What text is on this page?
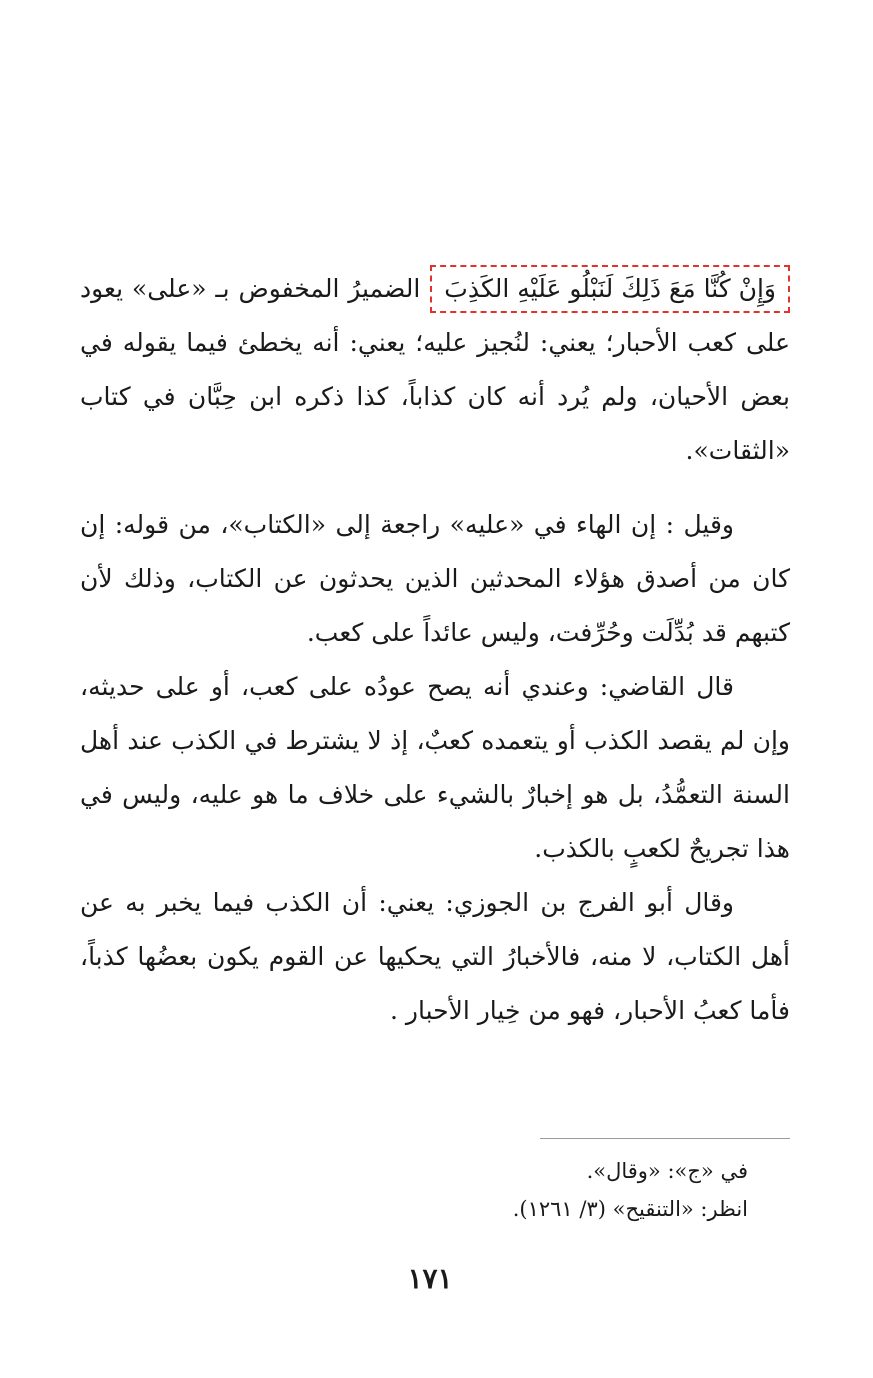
وَإِنْ كُنَّا مَعَ ذَلِكَ لَنَبْلُو عَلَيْهِ الكَذِبَالضميرُ المخفوض بـ «على» يعود على كعب الأحبار؛ يعني: لنُجيز عليه؛ يعني: أنه يخطئ فيما يقوله في بعض الأحيان، ولم يُرد أنه كان كذاباً، كذا ذكره ابن حِبَّان في كتاب «الثقات».

وقيل : إن الهاء في «عليه» راجعة إلى «الكتاب»، من قوله: إن كان من أصدق هؤلاء المحدثين الذين يحدثون عن الكتاب، وذلك لأن كتبهم قد بُدِّلَت وحُرِّفت، وليس عائداً على كعب.

قال القاضي: وعندي أنه يصح عودُه على كعب، أو على حديثه، وإن لم يقصد الكذب أو يتعمده كعبٌ، إذ لا يشترط في الكذب عند أهل السنة التعمُّدُ، بل هو إخبارٌ بالشيء على خلاف ما هو عليه، وليس في هذا تجريحٌ لكعبٍ بالكذب.

وقال أبو الفرج بن الجوزي: يعني: أن الكذب فيما يخبر به عن أهل الكتاب، لا منه، فالأخبارُ التي يحكيها عن القوم يكون بعضُها كذباً، فأما كعبُ الأحبار، فهو من خِيار الأحبار .

في «ج»: «وقال».

انظر: «التنقيح» (٣/ ١٢٦١).

١٧١
